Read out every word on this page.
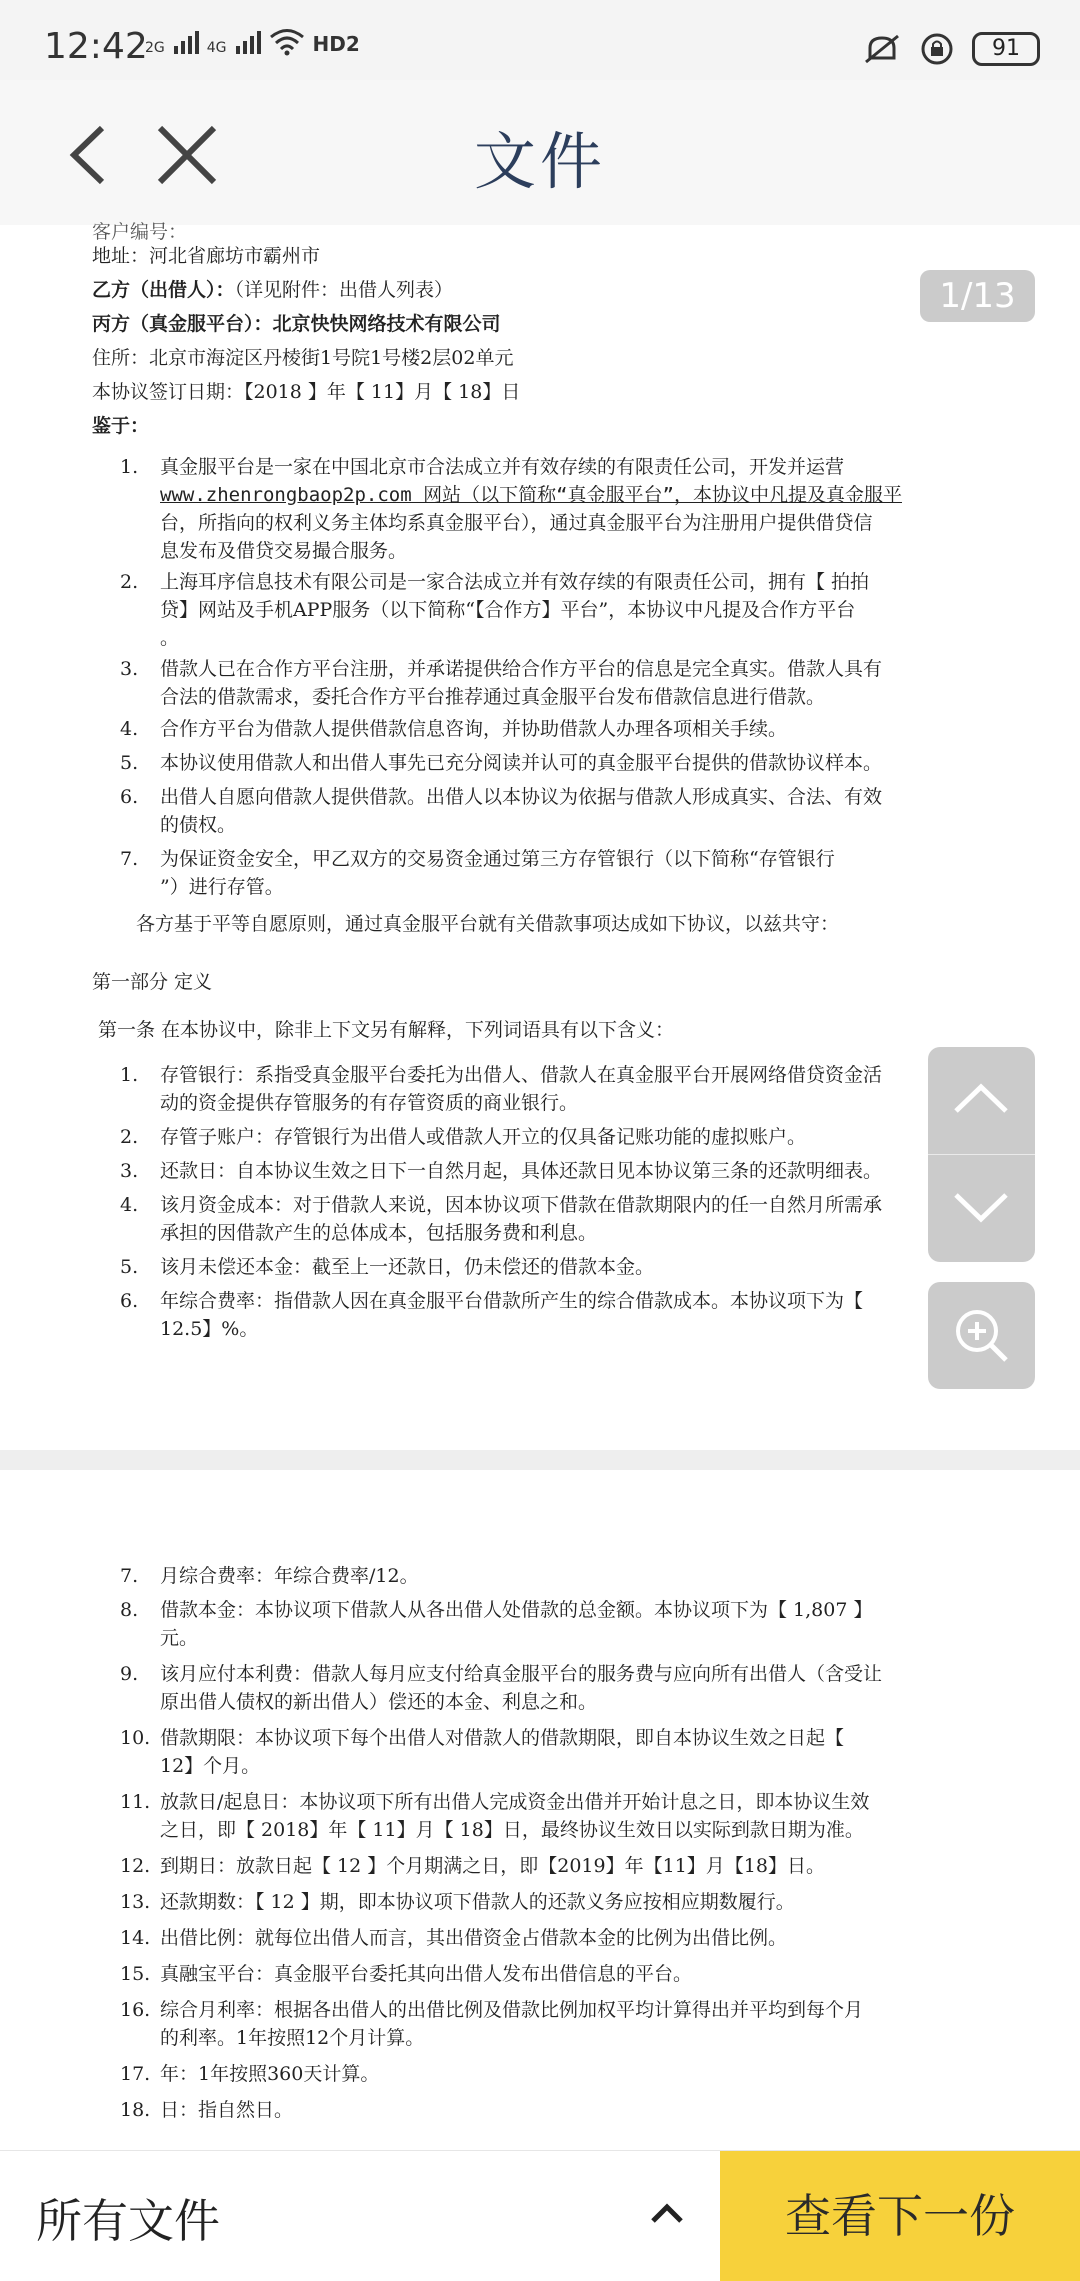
12:42
2G	4G	HD2	91
文件
客户编号：
地址：河北省廊坊市霸州市
乙方（出借人）：（详见附件：出借人列表）
丙方（真金服平台）：北京快快网络技术有限公司
住所：北京市海淀区丹棱街1号院1号楼2层02单元
本协议签订日期：【2018 】年【 11】月【 18】日
鉴于：
1.	真金服平台是一家在中国北京市合法成立并有效存续的有限责任公司，开发并运营
www.zhenrongbaop2p.com 网站（以下简称“真金服平台”，本协议中凡提及真金服平
台，所指向的权利义务主体均系真金服平台），通过真金服平台为注册用户提供借贷信
息发布及借贷交易撮合服务。
2.	上海耳序信息技术有限公司是一家合法成立并有效存续的有限责任公司，拥有【 拍拍
贷】网站及手机APP服务（以下简称“【合作方】平台”，本协议中凡提及合作方平台
。
3.	借款人已在合作方平台注册，并承诺提供给合作方平台的信息是完全真实。借款人具有
合法的借款需求，委托合作方平台推荐通过真金服平台发布借款信息进行借款。
4.	合作方平台为借款人提供借款信息咨询，并协助借款人办理各项相关手续。
5.	本协议使用借款人和出借人事先已充分阅读并认可的真金服平台提供的借款协议样本。
6.	出借人自愿向借款人提供借款。出借人以本协议为依据与借款人形成真实、合法、有效
的债权。
7.	为保证资金安全，甲乙双方的交易资金通过第三方存管银行（以下简称“存管银行
”）进行存管。
各方基于平等自愿原则，通过真金服平台就有关借款事项达成如下协议，以兹共守：
第一部分 定义
第一条 在本协议中，除非上下文另有解释，下列词语具有以下含义：
1.	存管银行：系指受真金服平台委托为出借人、借款人在真金服平台开展网络借贷资金活
动的资金提供存管服务的有存管资质的商业银行。
2.	存管子账户：存管银行为出借人或借款人开立的仅具备记账功能的虚拟账户。
3.	还款日：自本协议生效之日下一自然月起，具体还款日见本协议第三条的还款明细表。
4.	该月资金成本：对于借款人来说，因本协议项下借款在借款期限内的任一自然月所需承
承担的因借款产生的总体成本，包括服务费和利息。
5.	该月未偿还本金：截至上一还款日，仍未偿还的借款本金。
6.	年综合费率：指借款人因在真金服平台借款所产生的综合借款成本。本协议项下为【
12.5】%。
7.	月综合费率：年综合费率/12。
8.	借款本金：本协议项下借款人从各出借人处借款的总金额。本协议项下为【 1,807 】
元。
9.	该月应付本利费：借款人每月应支付给真金服平台的服务费与应向所有出借人（含受让
原出借人债权的新出借人）偿还的本金、利息之和。
10. 借款期限：本协议项下每个出借人对借款人的借款期限，即自本协议生效之日起【
12】个月。
11. 放款日/起息日：本协议项下所有出借人完成资金出借并开始计息之日，即本协议生效
之日，即【 2018】年【 11】月【 18】日，最终协议生效日以实际到款日期为准。
12. 到期日：放款日起【 12 】个月期满之日，即【2019】年【11】月【18】日。
13. 还款期数：【 12 】期，即本协议项下借款人的还款义务应按相应期数履行。
14. 出借比例：就每位出借人而言，其出借资金占借款本金的比例为出借比例。
15. 真融宝平台：真金服平台委托其向出借人发布出借信息的平台。
16. 综合月利率：根据各出借人的出借比例及借款比例加权平均计算得出并平均到每个月
的利率。1年按照12个月计算。
17. 年：1年按照360天计算。
18. 日：指自然日。
1/13
所有文件	查看下一份
